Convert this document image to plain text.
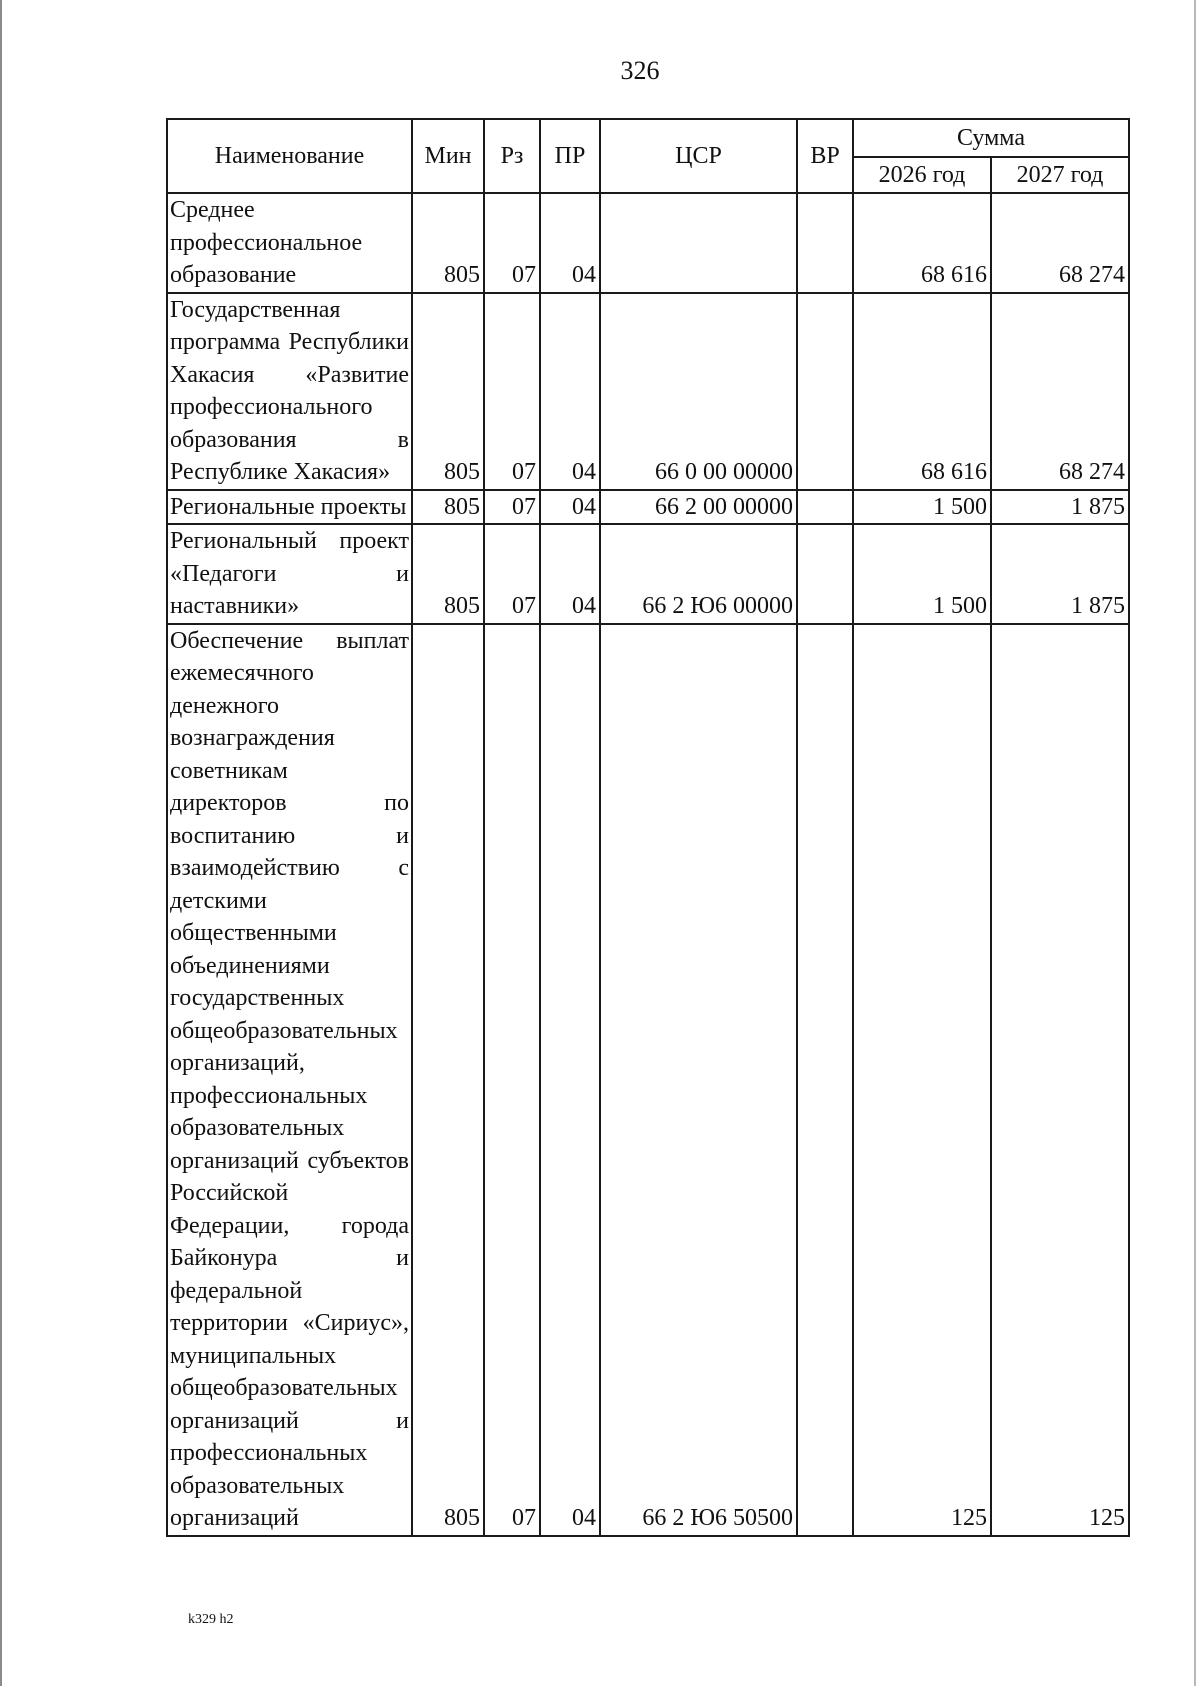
326
Наименование	Мин	Рз	ПР	ЦСР	ВР	Сумма	
						2026 год	2027 год
Среднее профессиональное образование	805	07	04			68 616	68 274
Государственная программа Республики Хакасия «Развитие профессионального образования в Республике Хакасия»	805	07	04	66 0 00 00000		68 616	68 274
Региональные проекты	805	07	04	66 2 00 00000		1 500	1 875
Региональный проект «Педагоги и наставники»	805	07	04	66 2 Ю6 00000		1 500	1 875
Обеспечение выплат ежемесячного денежного вознаграждения советникам директоров по воспитанию и взаимодействию с детскими общественными объединениями государственных общеобразовательных организаций, профессиональных образовательных организаций субъектов Российской Федерации, города Байконура и федеральной территории «Сириус», муниципальных общеобразовательных организаций и профессиональных образовательных организаций	805	07	04	66 2 Ю6 50500		125	125
k329 h2
